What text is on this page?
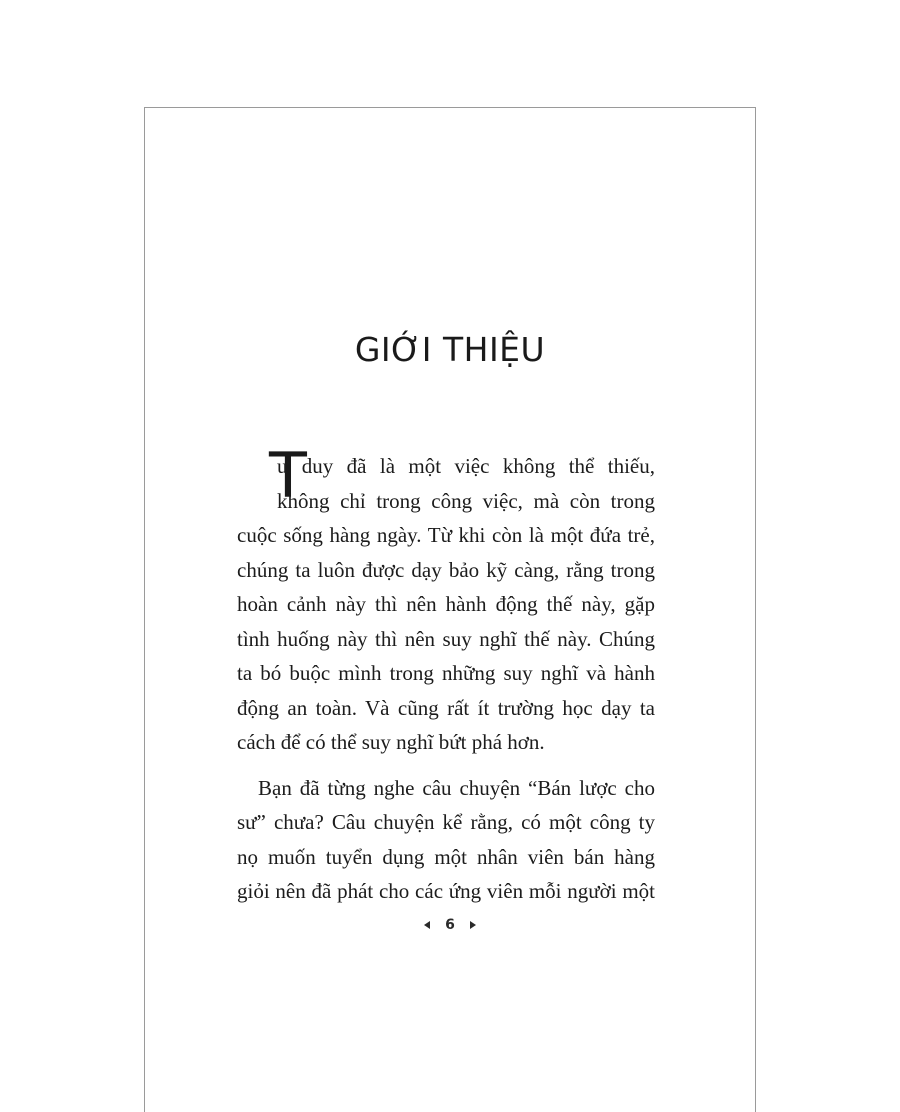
GIỚI THIỆU
T
ư duy đã là một việc không thể thiếu,
không chỉ trong công việc, mà còn trong
cuộc sống hàng ngày. Từ khi còn là một đứa trẻ,
chúng ta luôn được dạy bảo kỹ càng, rằng trong
hoàn cảnh này thì nên hành động thế này, gặp
tình huống này thì nên suy nghĩ thế này. Chúng
ta bó buộc mình trong những suy nghĩ và hành
động an toàn. Và cũng rất ít trường học dạy ta
cách để có thể suy nghĩ bứt phá hơn.
Bạn đã từng nghe câu chuyện “Bán lược cho
sư” chưa? Câu chuyện kể rằng, có một công ty
nọ muốn tuyển dụng một nhân viên bán hàng
giỏi nên đã phát cho các ứng viên mỗi người một
6
